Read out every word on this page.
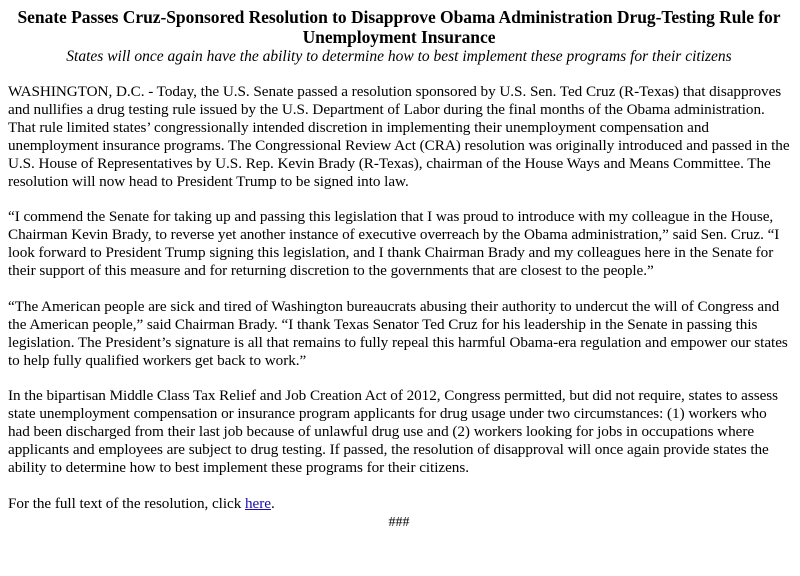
Senate Passes Cruz-Sponsored Resolution to Disapprove Obama Administration Drug-Testing Rule for Unemployment Insurance

States will once again have the ability to determine how to best implement these programs for their citizens

WASHINGTON, D.C. - Today, the U.S. Senate passed a resolution sponsored by U.S. Sen. Ted Cruz (R-Texas) that disapproves and nullifies a drug testing rule issued by the U.S. Department of Labor during the final months of the Obama administration. That rule limited states’ congressionally intended discretion in implementing their unemployment compensation and unemployment insurance programs. The Congressional Review Act (CRA) resolution was originally introduced and passed in the U.S. House of Representatives by U.S. Rep. Kevin Brady (R-Texas), chairman of the House Ways and Means Committee. The resolution will now head to President Trump to be signed into law.

“I commend the Senate for taking up and passing this legislation that I was proud to introduce with my colleague in the House, Chairman Kevin Brady, to reverse yet another instance of executive overreach by the Obama administration,” said Sen. Cruz. “I look forward to President Trump signing this legislation, and I thank Chairman Brady and my colleagues here in the Senate for their support of this measure and for returning discretion to the governments that are closest to the people.”

“The American people are sick and tired of Washington bureaucrats abusing their authority to undercut the will of Congress and the American people,” said Chairman Brady. “I thank Texas Senator Ted Cruz for his leadership in the Senate in passing this legislation. The President’s signature is all that remains to fully repeal this harmful Obama-era regulation and empower our states to help fully qualified workers get back to work.”

In the bipartisan Middle Class Tax Relief and Job Creation Act of 2012, Congress permitted, but did not require, states to assess state unemployment compensation or insurance program applicants for drug usage under two circumstances: (1) workers who had been discharged from their last job because of unlawful drug use and (2) workers looking for jobs in occupations where applicants and employees are subject to drug testing. If passed, the resolution of disapproval will once again provide states the ability to determine how to best implement these programs for their citizens.

For the full text of the resolution, click here.

###
